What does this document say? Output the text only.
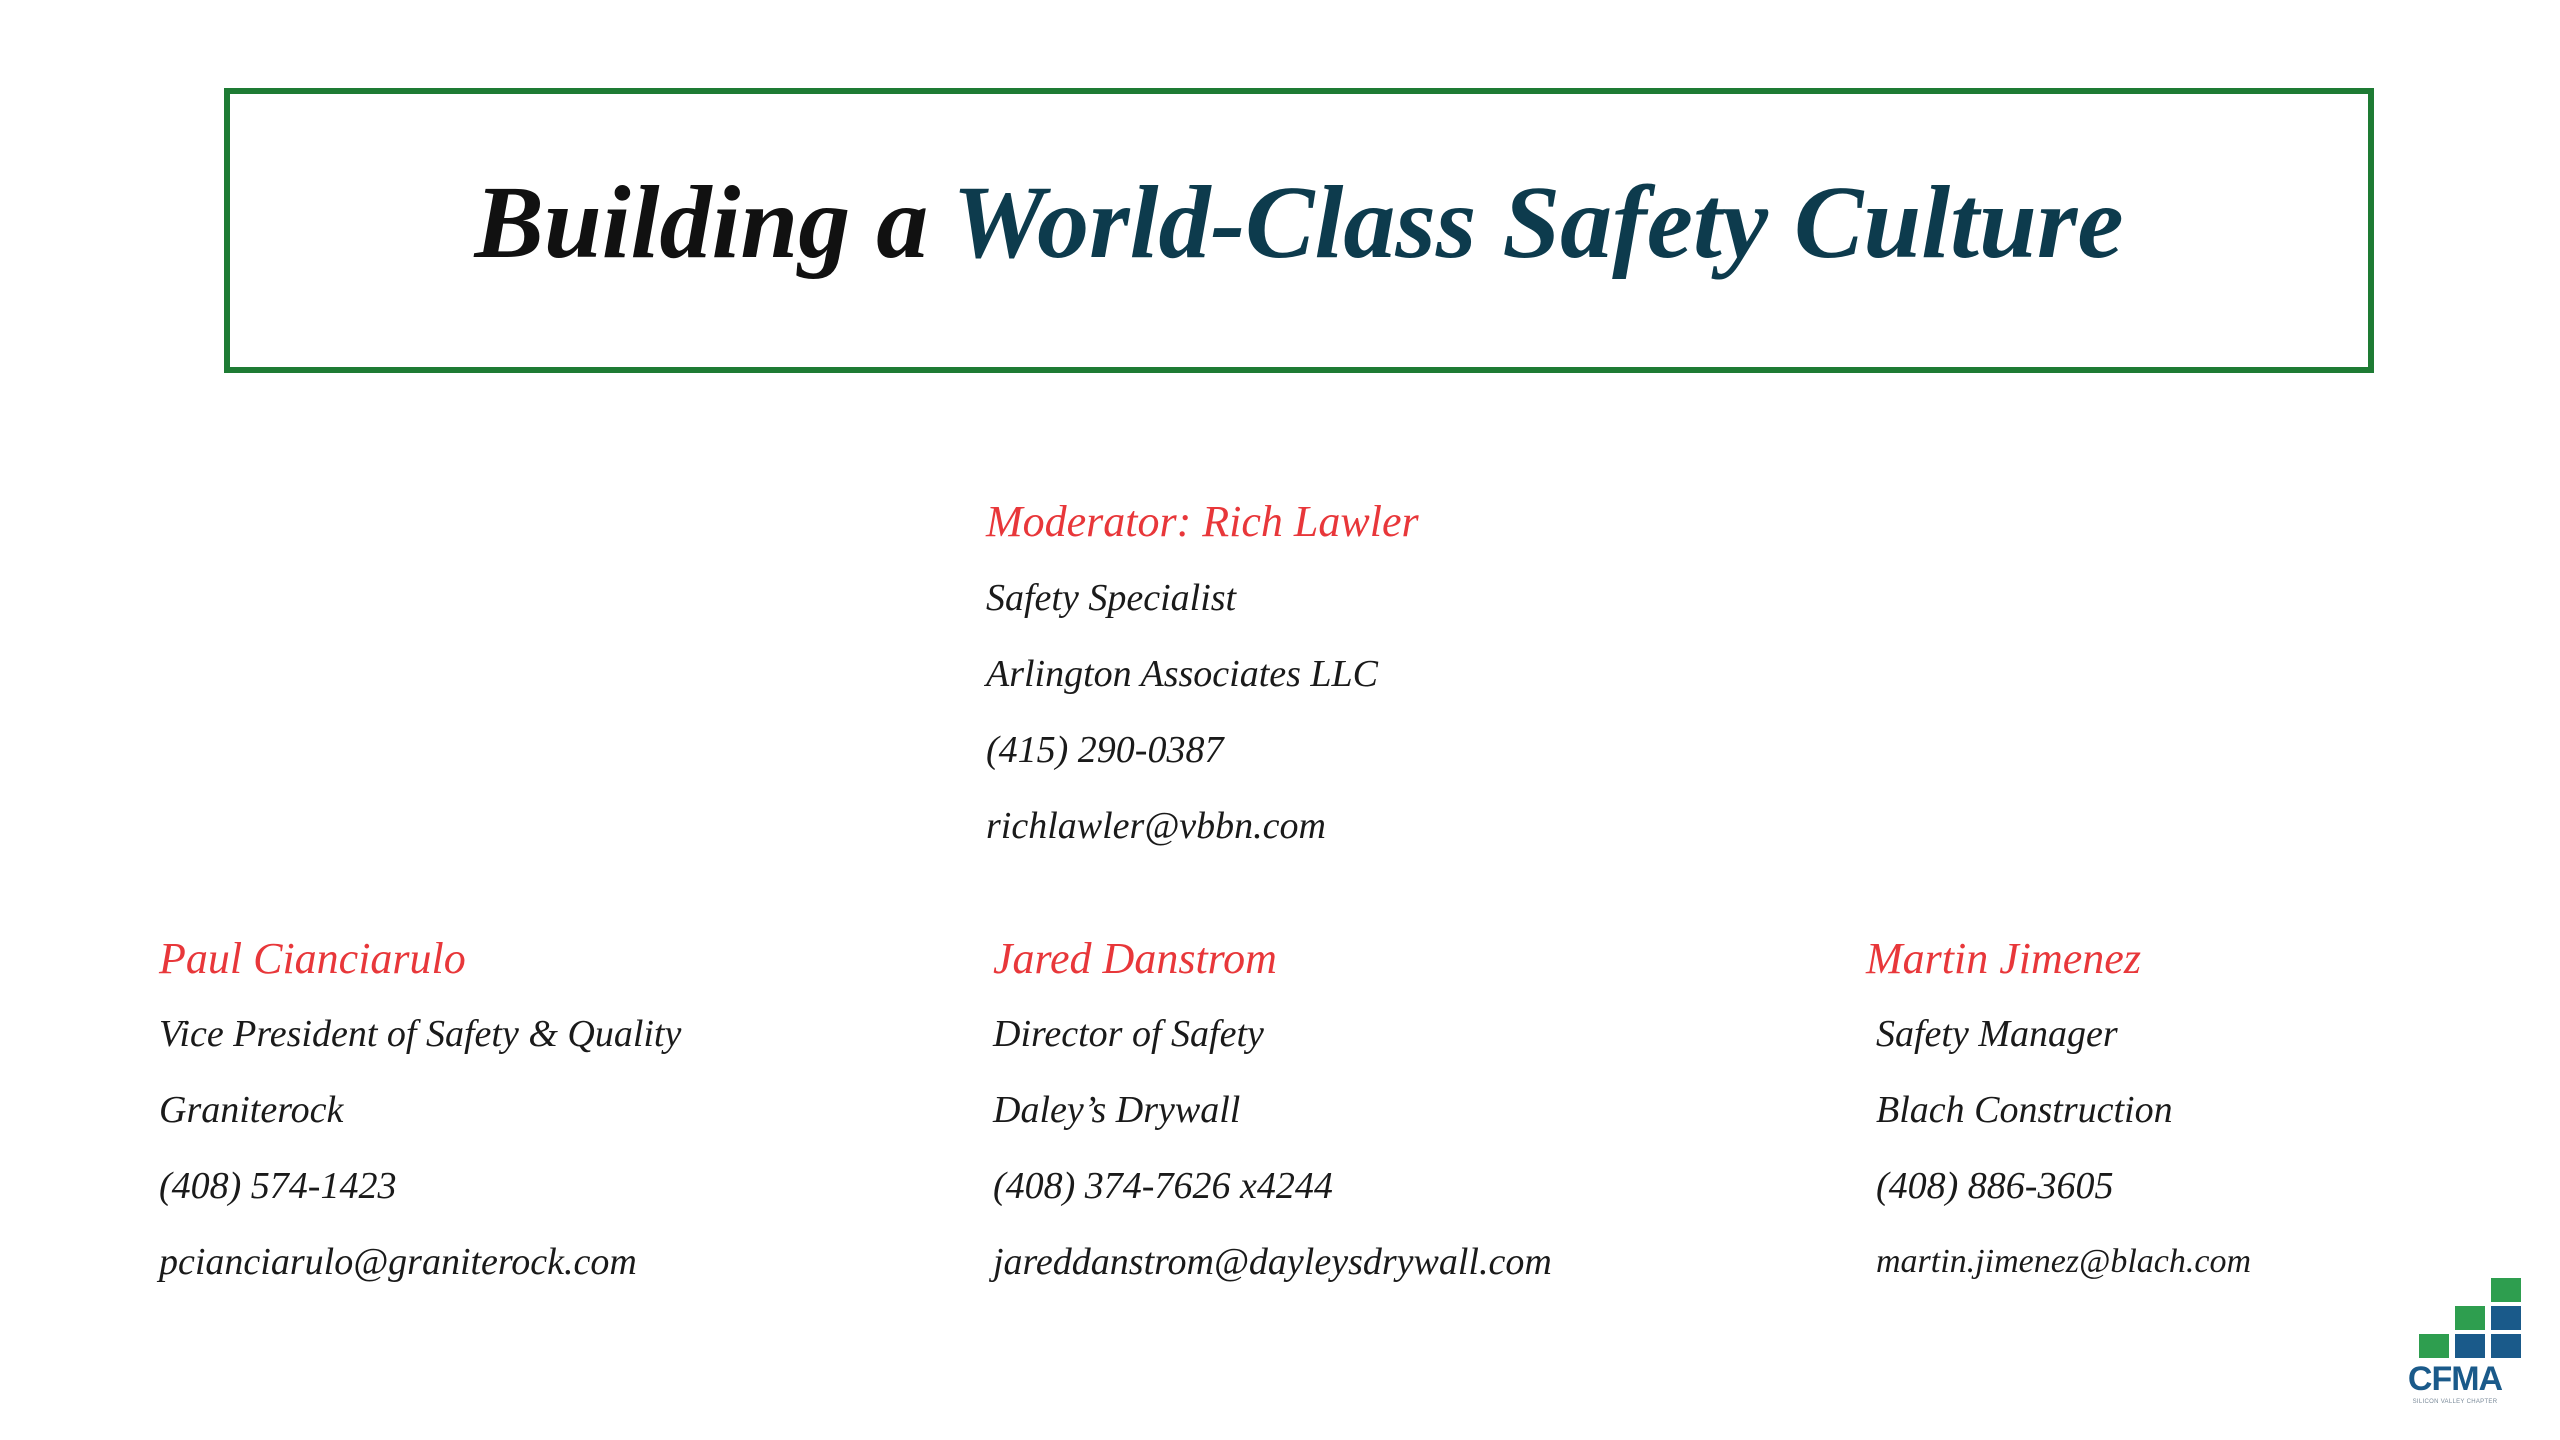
Building a World-Class Safety Culture

Moderator: Rich Lawler

Safety Specialist

Arlington Associates LLC

(415) 290-0387

richlawler@vbbn.com

Paul Cianciarulo

Vice President of Safety & Quality

Graniterock

(408) 574-1423

pcianciarulo@graniterock.com

Jared Danstrom

Director of Safety

Daley’s Drywall

(408) 374-7626 x4244

jareddanstrom@dayleysdrywall.com

Martin Jimenez

Safety Manager

Blach Construction

(408) 886-3605

martin.jimenez@blach.com

CFMA
SILICON VALLEY CHAPTER
